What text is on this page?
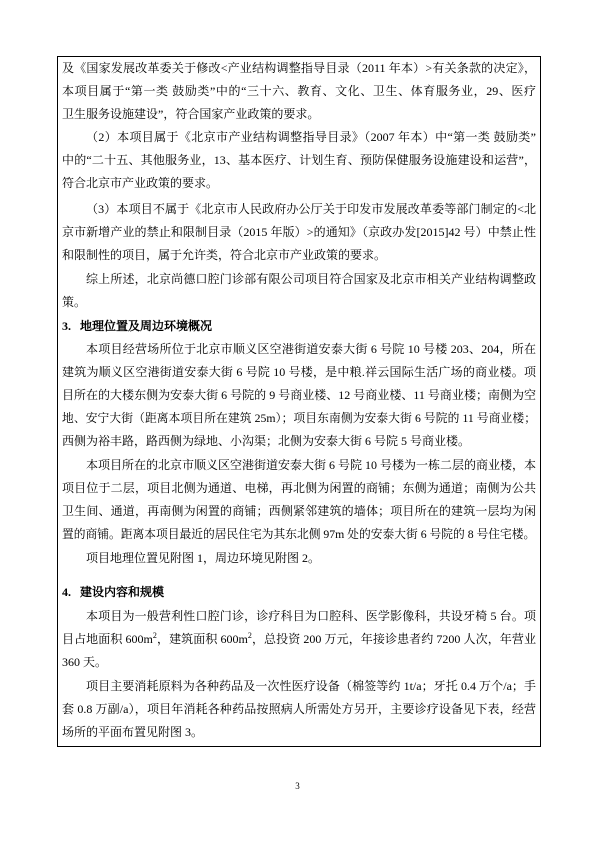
及《国家发展改革委关于修改<产业结构调整指导目录（2011 年本）>有关条款的决定》，
本项目属于“第一类 鼓励类”中的“三十六、教育、文化、卫生、体育服务业，29、医疗
卫生服务设施建设”，符合国家产业政策的要求。
（2）本项目属于《北京市产业结构调整指导目录》（2007 年本）中“第一类 鼓励类”
中的“二十五、其他服务业，13、基本医疗、计划生育、预防保健服务设施建设和运营”，
符合北京市产业政策的要求。
（3）本项目不属于《北京市人民政府办公厅关于印发市发展改革委等部门制定的<北
京市新增产业的禁止和限制目录（2015 年版）>的通知》（京政办发[2015]42 号）中禁止性
和限制性的项目，属于允许类，符合北京市产业政策的要求。
综上所述，北京尚德口腔门诊部有限公司项目符合国家及北京市相关产业结构调整政
策。
3. 地理位置及周边环境概况
本项目经营场所位于北京市顺义区空港街道安泰大街 6 号院 10 号楼 203、204，所在
建筑为顺义区空港街道安泰大街 6 号院 10 号楼，是中粮.祥云国际生活广场的商业楼。项
目所在的大楼东侧为安泰大街 6 号院的 9 号商业楼、12 号商业楼、11 号商业楼；南侧为空
地、安宁大街（距离本项目所在建筑 25m）；项目东南侧为安泰大街 6 号院的 11 号商业楼；
西侧为裕丰路，路西侧为绿地、小沟渠；北侧为安泰大街 6 号院 5 号商业楼。
本项目所在的北京市顺义区空港街道安泰大街 6 号院 10 号楼为一栋二层的商业楼，本
项目位于二层，项目北侧为通道、电梯，再北侧为闲置的商铺；东侧为通道；南侧为公共
卫生间、通道，再南侧为闲置的商铺；西侧紧邻建筑的墙体；项目所在的建筑一层均为闲
置的商铺。距离本项目最近的居民住宅为其东北侧 97m 处的安泰大街 6 号院的 8 号住宅楼。
项目地理位置见附图 1，周边环境见附图 2。
4. 建设内容和规模
本项目为一般营利性口腔门诊，诊疗科目为口腔科、医学影像科，共设牙椅 5 台。项
目占地面积 $600m^2$，建筑面积 $600m^2$，总投资 200 万元，年接诊患者约 7200 人次，年营业
360 天。
项目主要消耗原料为各种药品及一次性医疗设备（棉签等约 1t/a；牙托 0.4 万个/a；手
套 0.8 万副/a），项目年消耗各种药品按照病人所需处方另开，主要诊疗设备见下表，经营
场所的平面布置见附图 3。
3
